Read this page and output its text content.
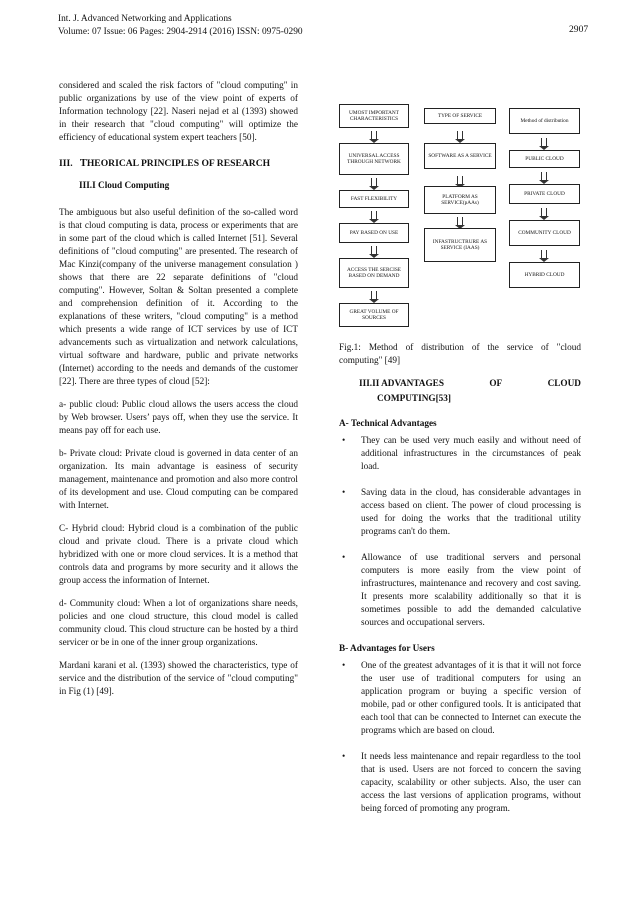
Int. J. Advanced Networking and Applications
Volume: 07 Issue: 06 Pages: 2904-2914 (2016) ISSN: 0975-0290	2907

considered and scaled the risk factors of "cloud computing" in public organizations by use of the view point of experts of Information technology [22]. Naseri nejad et al (1393) showed in their research that "cloud computing" will optimize the efficiency of educational system expert teachers [50].

III. THEORICAL PRINCIPLES OF RESEARCH
III.I Cloud Computing

The ambiguous but also useful definition of the so-called word is that cloud computing is data, process or experiments that are in some part of the cloud which is called Internet [51]. Several definitions of "cloud computing" are presented. The research of Mac Kinzi(company of the universe management consulation ) shows that there are 22 separate definitions of "cloud computing". However, Soltan & Soltan presented a complete and comprehension definition of it. According to the explanations of these writers, "cloud computing" is a method which presents a wide range of ICT services by use of ICT advancements such as virtualization and network calculations, virtual software and hardware, public and private networks (Internet) according to the needs and demands of the customer [22]. There are three types of cloud [52]:

a- public cloud: Public cloud allows the users access the cloud by Web browser. Users’ pays off, when they use the service. It means pay off for each use.

b- Private cloud: Private cloud is governed in data center of an organization. Its main advantage is easiness of security management, maintenance and promotion and also more control of its development and use. Cloud computing can be compared with Internet.

C- Hybrid cloud: Hybrid cloud is a combination of the public cloud and private cloud. There is a private cloud which hybridized with one or more cloud services. It is a method that controls data and programs by more security and it allows the group access the information of Internet.

d- Community cloud: When a lot of organizations share needs, policies and one cloud structure, this cloud model is called community cloud. This cloud structure can be hosted by a third servicer or be in one of the inner group organizations.

Mardani karani et al. (1393) showed the characteristics, type of service and the distribution of the service of "cloud computing" in Fig (1) [49].

UMOST IMPORTANT CHARACTERISTICS
UNIVERSAL ACCESS THROUGH NETWORK
FAST FLEXIBILITY
PAY BASED ON USE
ACCESS THE SERCISE BASED ON DEMAND
GREAT VOLUME OF SOURCES
TYPE OF SERVICE
SOFTWARE AS A SERVICE
PLATFORM AS SERVICE(pAAs)
INFASTRUCTRURE AS SERVICE (IAAS)
Method of distribution
PUBLIC CLOUD
PRIVATE CLOUD
COMMUNITY CLOUD
HYBRID CLOUD

Fig.1: Method of distribution of the service of "cloud computing" [49]

III.II ADVANTAGES	OF	CLOUD
COMPUTING[53]
A- Technical Advantages
• They can be used very much easily and without need of additional infrastructures in the circumstances of peak load.
• Saving data in the cloud, has considerable advantages in access based on client. The power of cloud processing is used for doing the works that the traditional utility programs can't do them.
• Allowance of use traditional servers and personal computers is more easily from the view point of infrastructures, maintenance and recovery and cost saving. It presents more scalability additionally so that it is sometimes possible to add the demanded calculative sources and occupational servers.
B- Advantages for Users
• One of the greatest advantages of it is that it will not force the user use of traditional computers for using an application program or buying a specific version of mobile, pad or other configured tools. It is anticipated that each tool that can be connected to Internet can execute the programs which are based on cloud.
• It needs less maintenance and repair regardless to the tool that is used. Users are not forced to concern the saving capacity, scalability or other subjects. Also, the user can access the last versions of application programs, without being forced of promoting any program.
